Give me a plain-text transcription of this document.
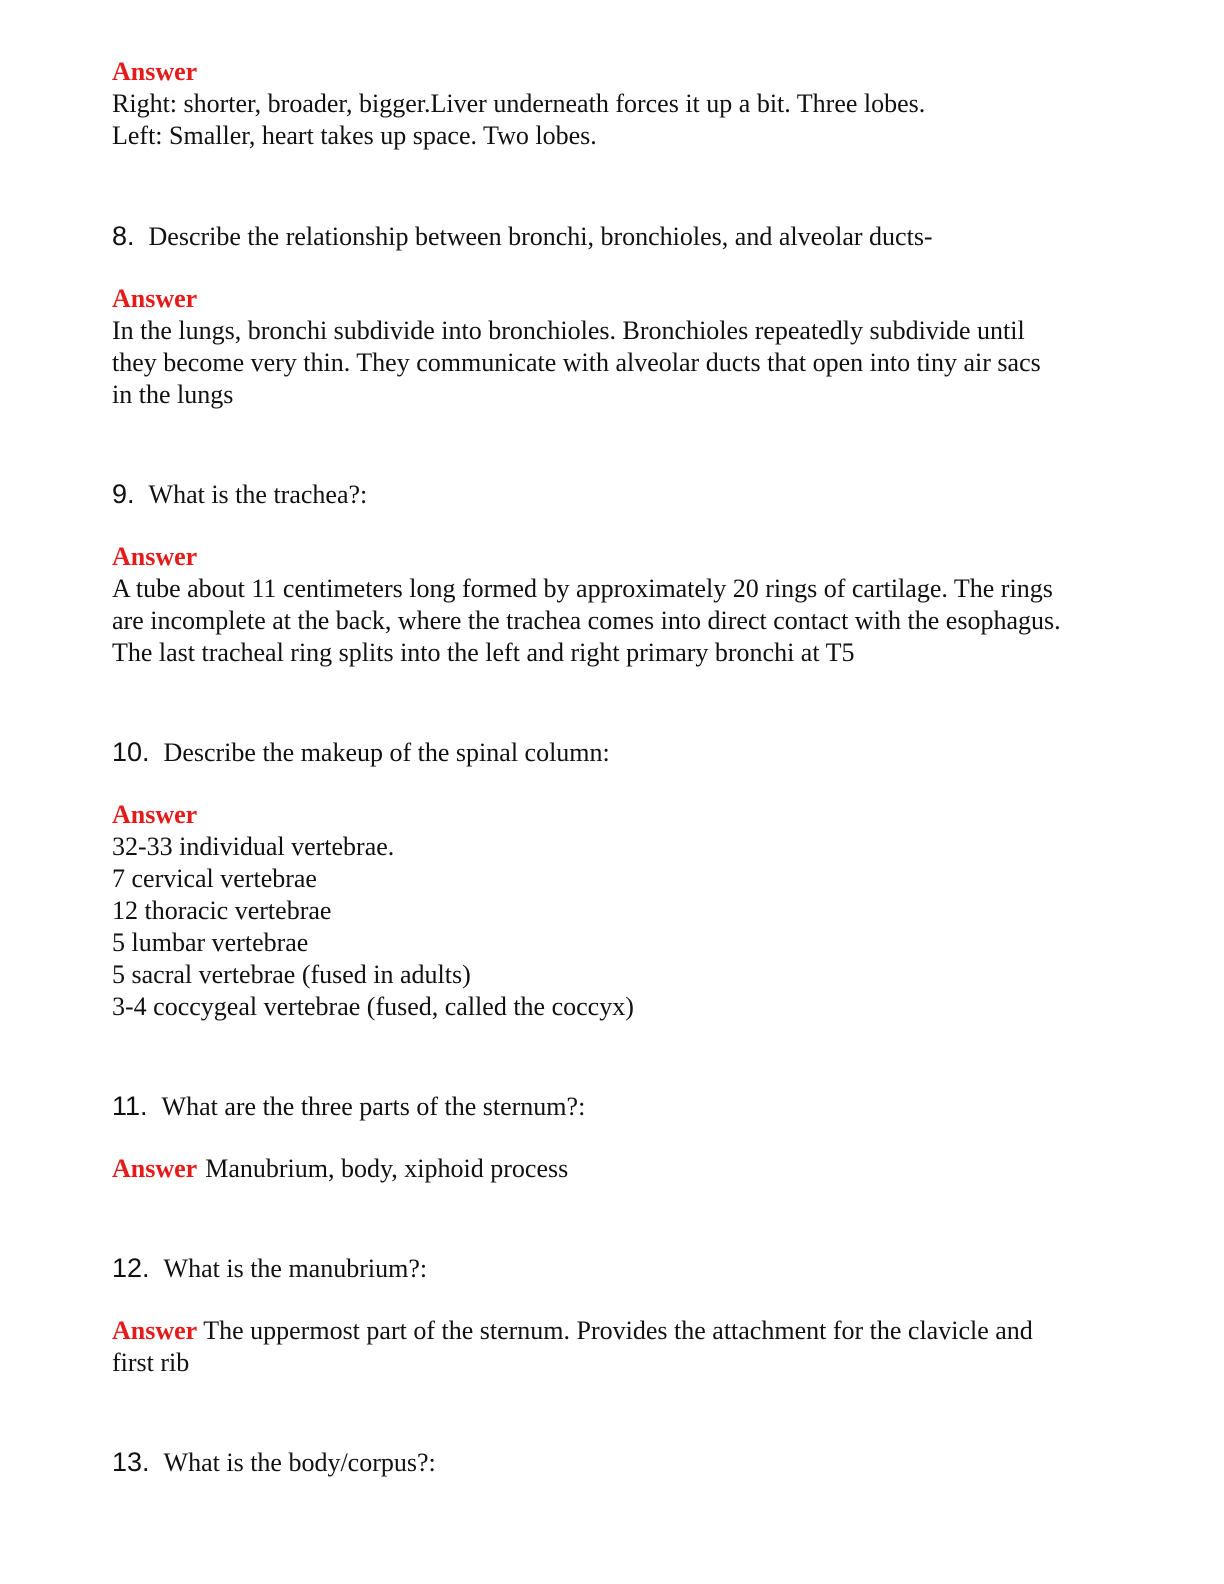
Answer
Right: shorter, broader, bigger.Liver underneath forces it up a bit. Three lobes.
Left: Smaller, heart takes up space. Two lobes.
8. Describe the relationship between bronchi, bronchioles, and alveolar ducts-
Answer
In the lungs, bronchi subdivide into bronchioles. Bronchioles repeatedly subdivide until
they become very thin. They communicate with alveolar ducts that open into tiny air sacs
in the lungs
9. What is the trachea?:
Answer
A tube about 11 centimeters long formed by approximately 20 rings of cartilage. The rings
are incomplete at the back, where the trachea comes into direct contact with the esophagus.
The last tracheal ring splits into the left and right primary bronchi at T5
10. Describe the makeup of the spinal column:
Answer
32-33 individual vertebrae.
7 cervical vertebrae
12 thoracic vertebrae
5 lumbar vertebrae
5 sacral vertebrae (fused in adults)
3-4 coccygeal vertebrae (fused, called the coccyx)
11. What are the three parts of the sternum?:
Answer Manubrium, body, xiphoid process
12. What is the manubrium?:
Answer The uppermost part of the sternum. Provides the attachment for the clavicle and
first rib
13. What is the body/corpus?:
